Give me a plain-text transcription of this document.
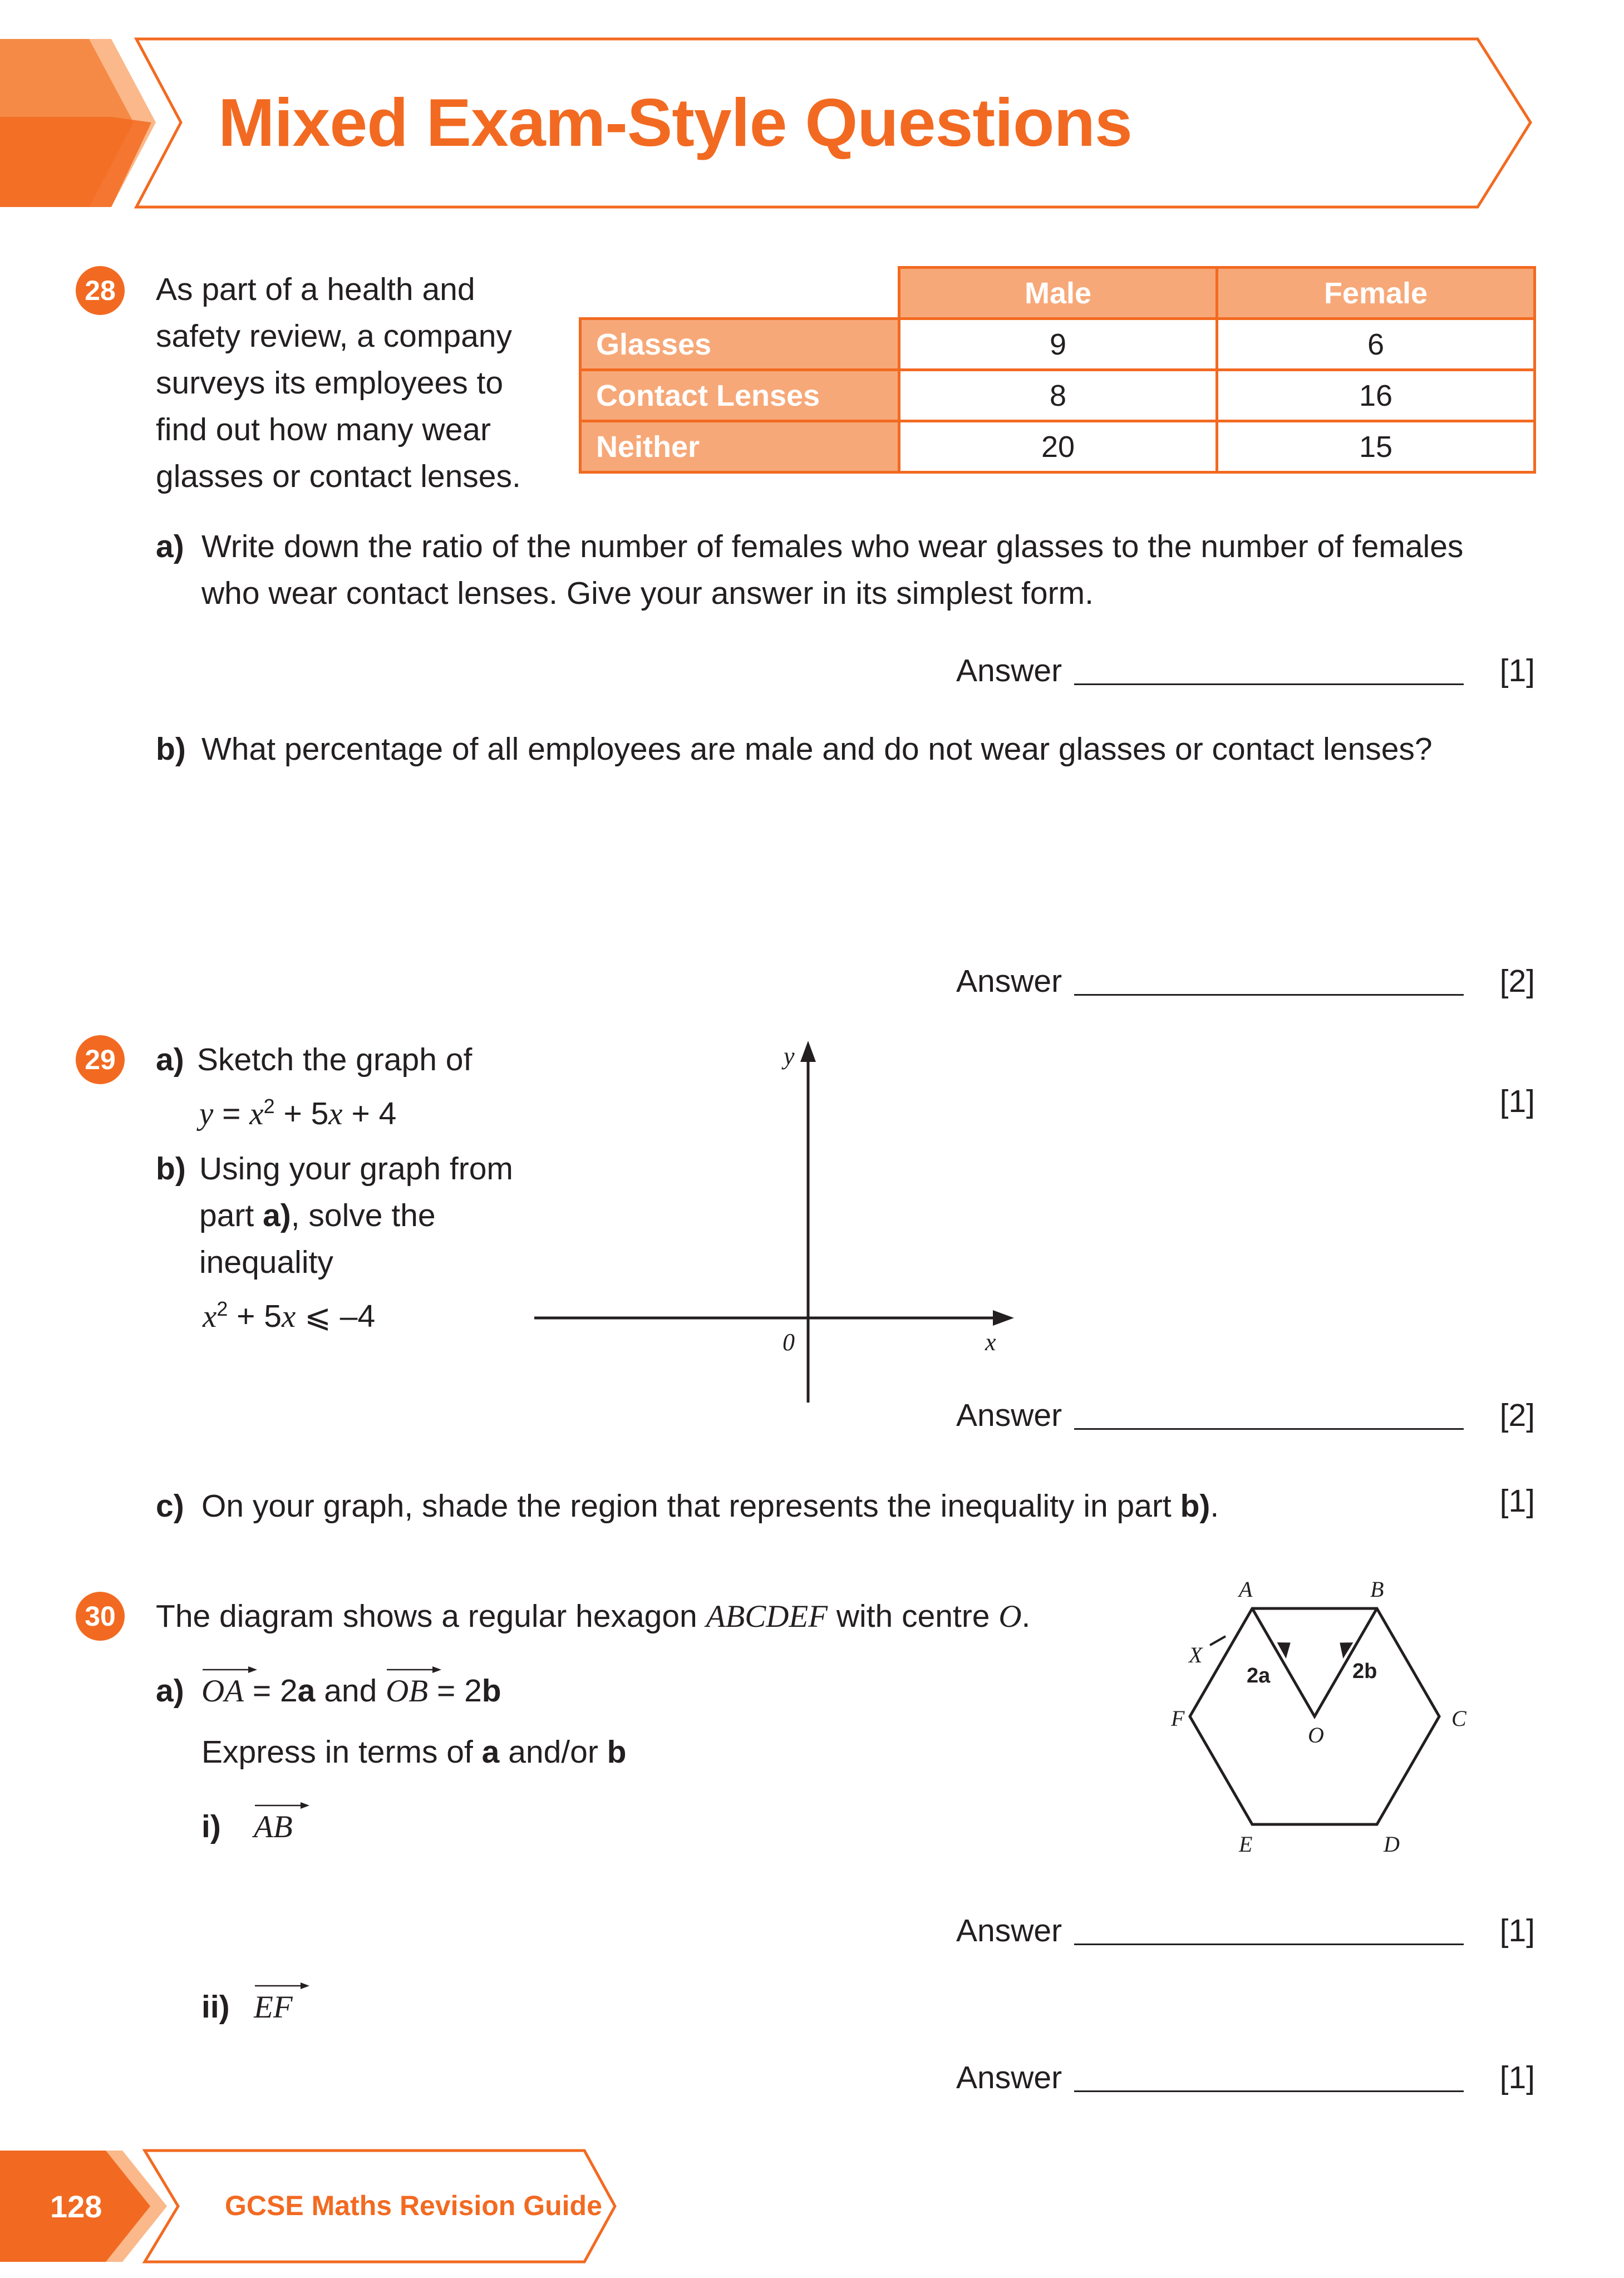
Mixed Exam-Style Questions
28 As part of a health and
safety review, a company
surveys its employees to
find out how many wear
glasses or contact lenses.
	Male	Female
Glasses	9	6
Contact Lenses	8	16
Neither	20	15
a) Write down the ratio of the number of females who wear glasses to the number of females
who wear contact lenses. Give your answer in its simplest form.
Answer	[1]
b) What percentage of all employees are male and do not wear glasses or contact lenses?
Answer	[2]
29 a) Sketch the graph of
$y = x^2 + 5x + 4$	[1]
b) Using your graph from
part a), solve the
inequality
$x^2 + 5x$ ⩽ –4
y
0	x
Answer	[2]
c) On your graph, shade the region that represents the inequality in part b).	[1]
30 The diagram shows a regular hexagon ABCDEF with centre O.
a) OA = 2a and
OB = 2b
Express in terms of a and/or b
i) AB
Answer	[1]
ii) EF
Answer	[1]
A	B
C
D
E
F
O
X
2a	2b
128	GCSE Maths Revision Guide
